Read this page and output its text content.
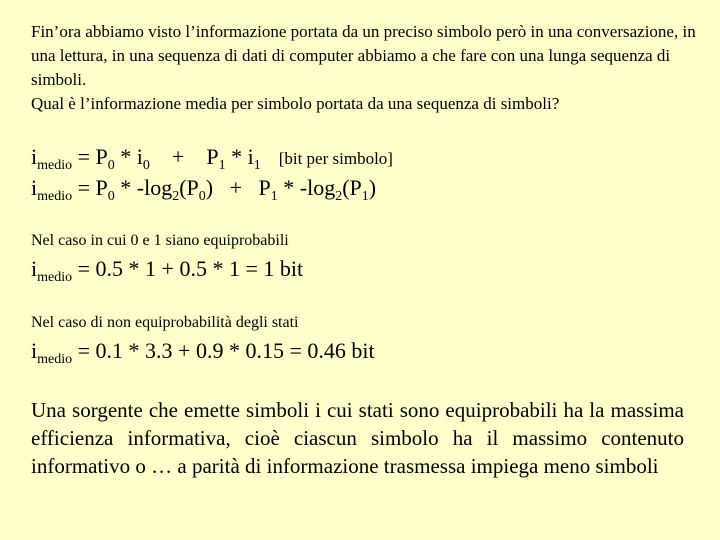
Fin’ora abbiamo visto l’informazione portata da un preciso simbolo però in una conversazione, in una lettura, in una sequenza di dati di computer abbiamo a che fare con una lunga sequenza di simboli.

Qual è l’informazione media per simbolo portata da una sequenza di simboli?

$i_{medio} = P_0 * i_0$ +    $P_1 * i_1$ [bit per simbolo]
$i_{medio} = P_0 * -\log_2(P_0) + P_1 * -\log_2(P_1)$
Nel caso in cui 0 e 1 siano equiprobabili
$i_{medio} = 0.5 * 1 + 0.5 * 1 = 1$ bit
Nel caso di non equiprobabilità degli stati
$i_{medio} = 0.1 * 3.3 + 0.9 * 0.15 = 0.46$ bit

Una sorgente che emette simboli i cui stati sono equiprobabili ha la massima efficienza informativa, cioè ciascun simbolo ha il massimo contenuto informativo o … a parità di informazione trasmessa impiega meno simboli
